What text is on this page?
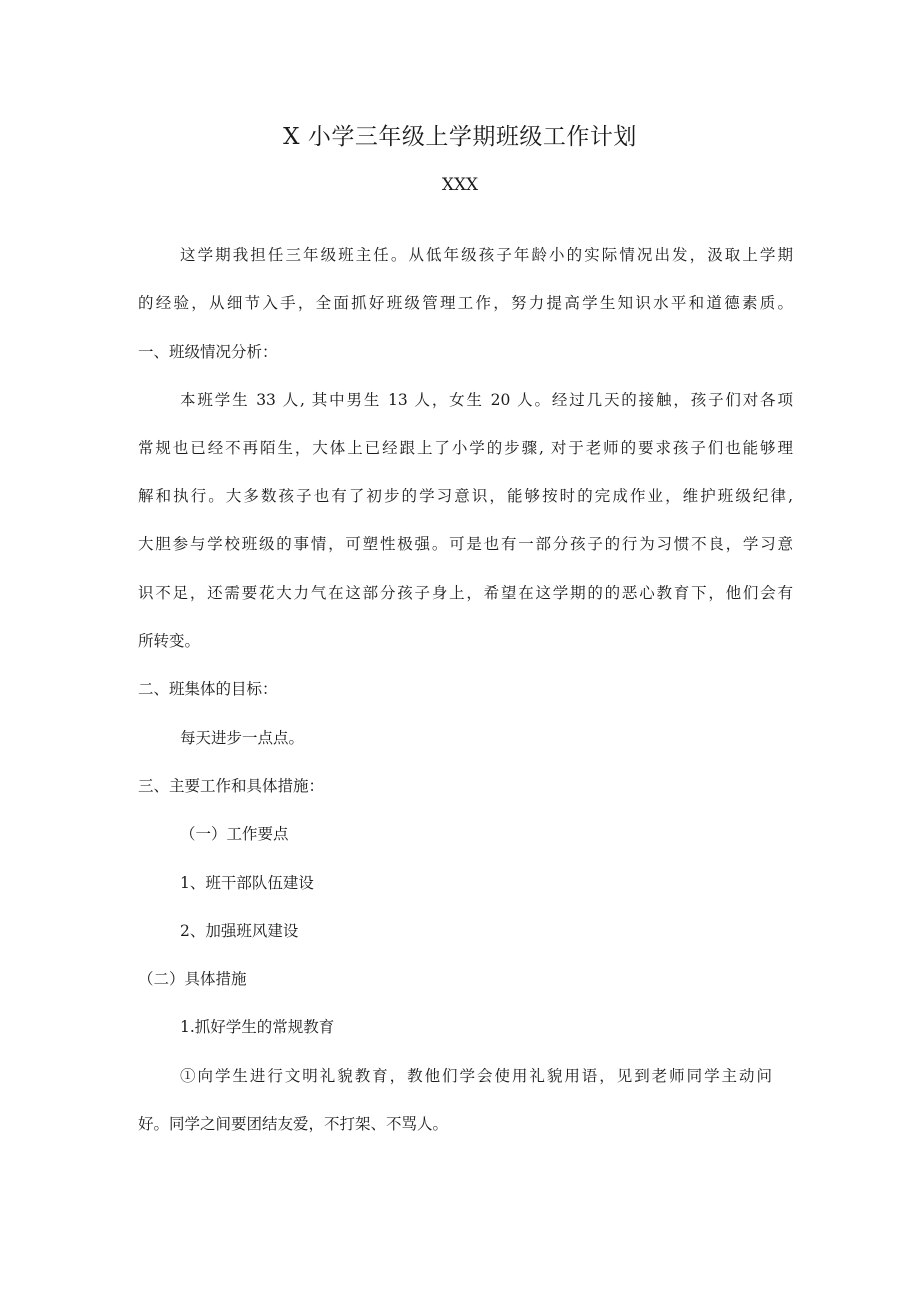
X 小学三年级上学期班级工作计划
XXX
这学期我担任三年级班主任。从低年级孩子年龄小的实际情况出发，汲取上学期
的经验，从细节入手，全面抓好班级管理工作，努力提高学生知识水平和道德素质。
一、班级情况分析：
本班学生 33 人, 其中男生 13 人，女生 20 人。经过几天的接触，孩子们对各项
常规也已经不再陌生，大体上已经跟上了小学的步骤, 对于老师的要求孩子们也能够理
解和执行。大多数孩子也有了初步的学习意识，能够按时的完成作业，维护班级纪律,
大胆参与学校班级的事情，可塑性极强。可是也有一部分孩子的行为习惯不良，学习意
识不足，还需要花大力气在这部分孩子身上，希望在这学期的的恶心教育下，他们会有
所转变。
二、班集体的目标：
每天进步一点点。
三、主要工作和具体措施：
（一）工作要点
1、班干部队伍建设
2、加强班风建设
（二）具体措施
1.抓好学生的常规教育
①向学生进行文明礼貌教育，教他们学会使用礼貌用语，见到老师同学主动问
好。同学之间要团结友爱，不打架、不骂人。
